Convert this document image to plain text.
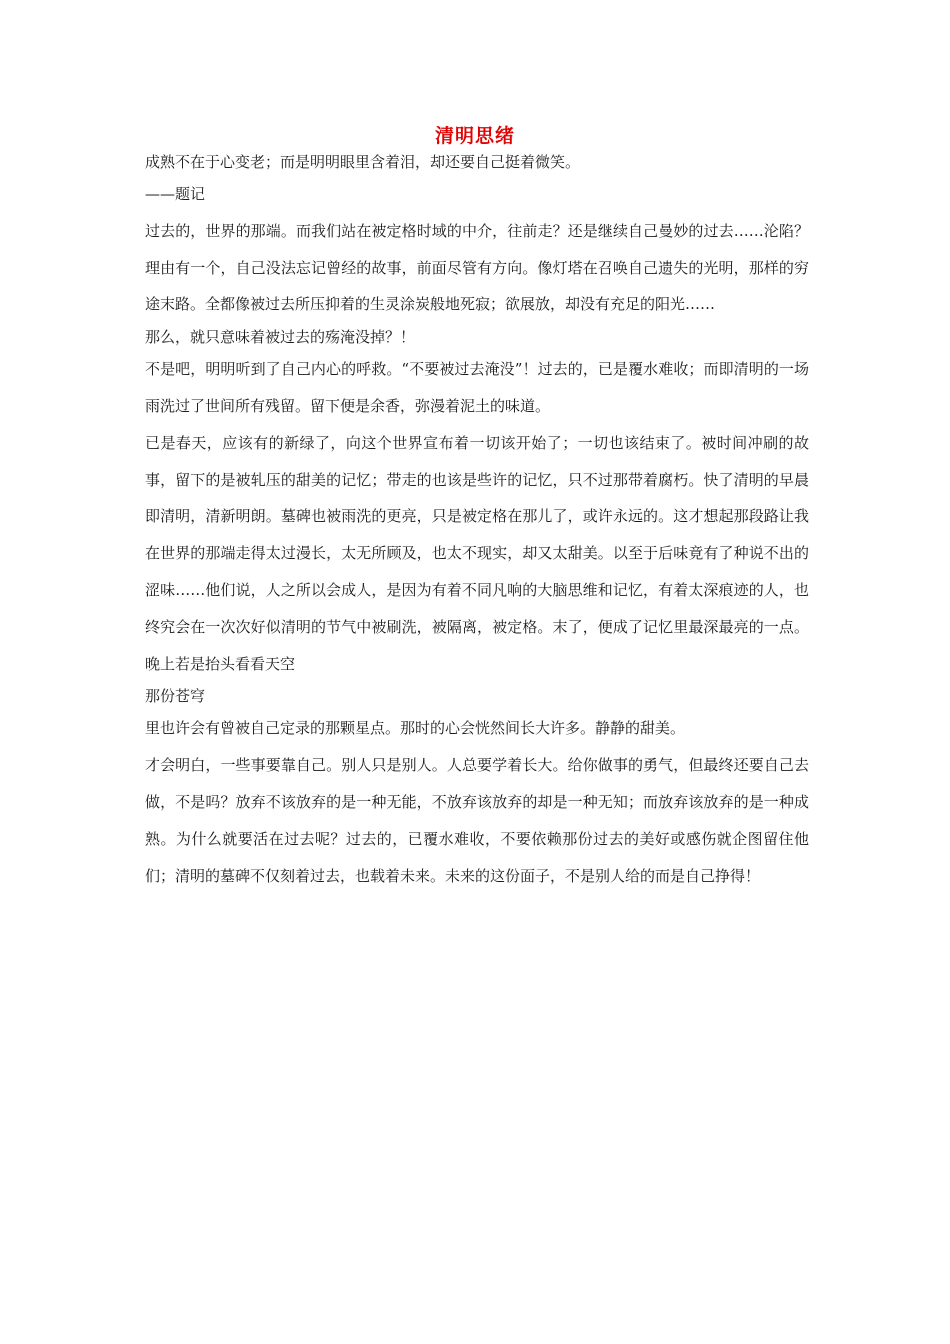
清明思绪

成熟不在于心变老；而是明明眼里含着泪，却还要自己挺着微笑。

——题记

过去的，世界的那端。而我们站在被定格时域的中介，往前走？还是继续自己曼妙的过去……沦陷？理由有一个，自己没法忘记曾经的故事，前面尽管有方向。像灯塔在召唤自己遗失的光明，那样的穷途末路。全都像被过去所压抑着的生灵涂炭般地死寂；欲展放，却没有充足的阳光……

那么，就只意味着被过去的殇淹没掉？！

不是吧，明明听到了自己内心的呼救。“不要被过去淹没”！过去的，已是覆水难收；而即清明的一场雨洗过了世间所有残留。留下便是余香，弥漫着泥土的味道。

已是春天，应该有的新绿了，向这个世界宣布着一切该开始了；一切也该结束了。被时间冲刷的故事，留下的是被轧压的甜美的记忆；带走的也该是些许的记忆，只不过那带着腐朽。快了清明的早晨即清明，清新明朗。墓碑也被雨洗的更亮，只是被定格在那儿了，或许永远的。这才想起那段路让我在世界的那端走得太过漫长，太无所顾及，也太不现实，却又太甜美。以至于后味竟有了种说不出的涩味……他们说，人之所以会成人，是因为有着不同凡响的大脑思维和记忆，有着太深痕迹的人，也终究会在一次次好似清明的节气中被刷洗，被隔离，被定格。末了，便成了记忆里最深最亮的一点。晚上若是抬头看看天空

那份苍穹

里也许会有曾被自己定录的那颗星点。那时的心会恍然间长大许多。静静的甜美。

才会明白，一些事要靠自己。别人只是别人。人总要学着长大。给你做事的勇气，但最终还要自己去做，不是吗？放弃不该放弃的是一种无能，不放弃该放弃的却是一种无知；而放弃该放弃的是一种成熟。为什么就要活在过去呢？过去的，已覆水难收，不要依赖那份过去的美好或感伤就企图留住他们；清明的墓碑不仅刻着过去，也载着未来。未来的这份面子，不是别人给的而是自己挣得！
